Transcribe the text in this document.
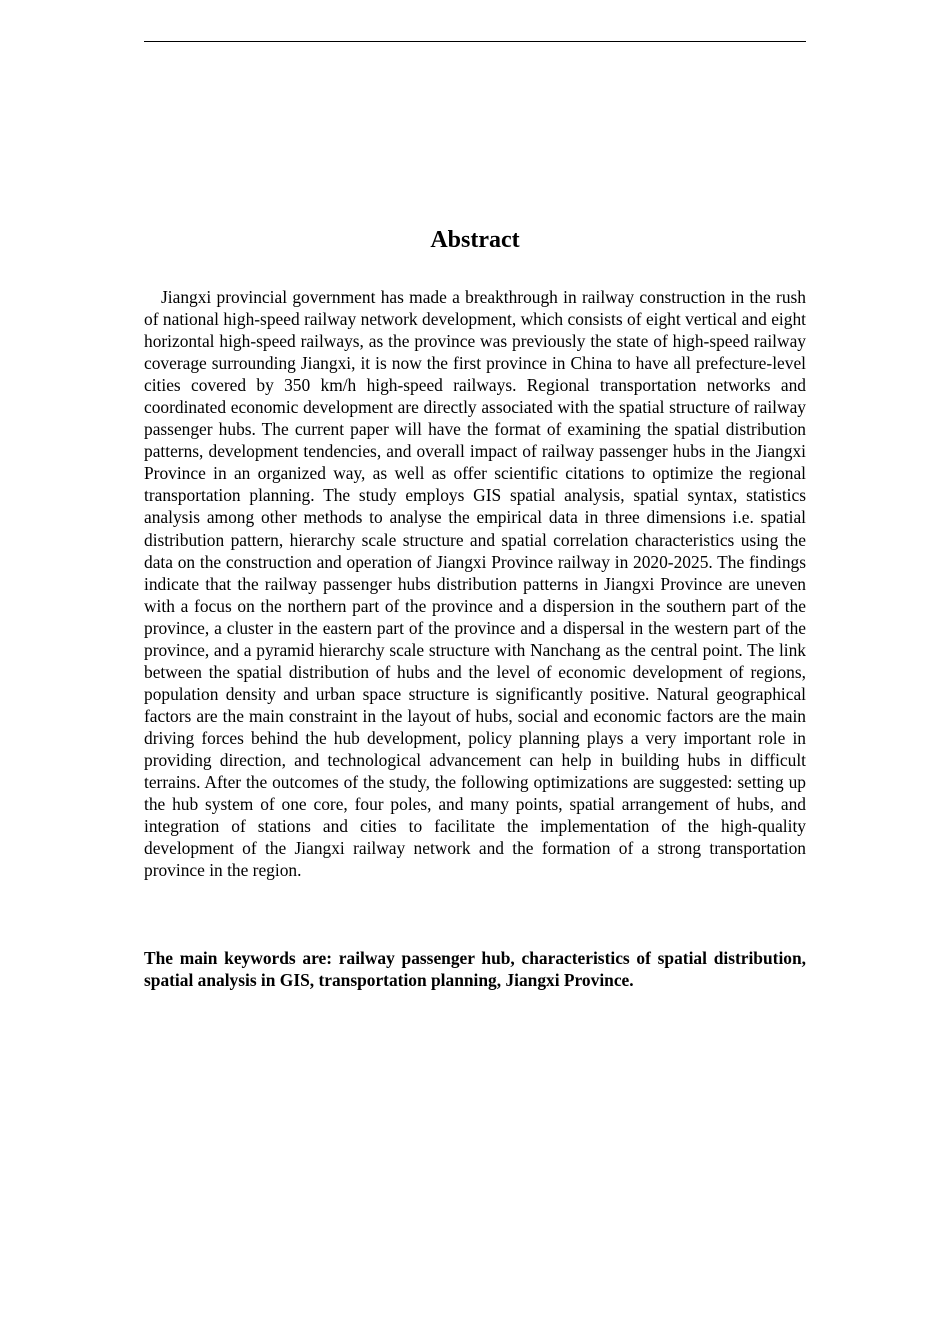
Abstract

Jiangxi provincial government has made a breakthrough in railway construction in the rush of national high-speed railway network development, which consists of eight vertical and eight horizontal high-speed railways, as the province was previously the state of high-speed railway coverage surrounding Jiangxi, it is now the first province in China to have all prefecture-level cities covered by 350 km/h high-speed railways. Regional transportation networks and coordinated economic development are directly associated with the spatial structure of railway passenger hubs. The current paper will have the format of examining the spatial distribution patterns, development tendencies, and overall impact of railway passenger hubs in the Jiangxi Province in an organized way, as well as offer scientific citations to optimize the regional transportation planning. The study employs GIS spatial analysis, spatial syntax, statistics analysis among other methods to analyse the empirical data in three dimensions i.e. spatial distribution pattern, hierarchy scale structure and spatial correlation characteristics using the data on the construction and operation of Jiangxi Province railway in 2020-2025. The findings indicate that the railway passenger hubs distribution patterns in Jiangxi Province are uneven with a focus on the northern part of the province and a dispersion in the southern part of the province, a cluster in the eastern part of the province and a dispersal in the western part of the province, and a pyramid hierarchy scale structure with Nanchang as the central point. The link between the spatial distribution of hubs and the level of economic development of regions, population density and urban space structure is significantly positive. Natural geographical factors are the main constraint in the layout of hubs, social and economic factors are the main driving forces behind the hub development, policy planning plays a very important role in providing direction, and technological advancement can help in building hubs in difficult terrains. After the outcomes of the study, the following optimizations are suggested: setting up the hub system of one core, four poles, and many points, spatial arrangement of hubs, and integration of stations and cities to facilitate the implementation of the high-quality development of the Jiangxi railway network and the formation of a strong transportation province in the region.

The main keywords are: railway passenger hub, characteristics of spatial distribution, spatial analysis in GIS, transportation planning, Jiangxi Province.
